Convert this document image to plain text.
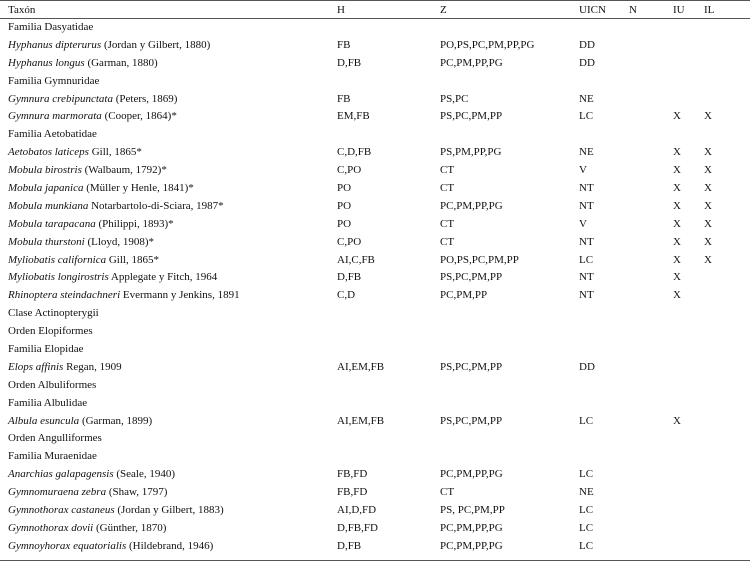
Taxón	H	Z	UICN	N	IU	IL
Familia Dasyatidae						
Hyphanus dipterurus (Jordan y Gilbert, 1880)	FB	PO,PS,PC,PM,PP,PG	DD			
Hyphanus longus (Garman, 1880)	D,FB	PC,PM,PP,PG	DD			
Familia Gymnuridae						
Gymnura crebipunctata (Peters, 1869)	FB	PS,PC	NE			
Gymnura marmorata (Cooper, 1864)*	EM,FB	PS,PC,PM,PP	LC		X	X
Familia Aetobatidae						
Aetobatos laticeps Gill, 1865*	C,D,FB	PS,PM,PP,PG	NE		X	X
Mobula birostris (Walbaum, 1792)*	C,PO	CT	V		X	X
Mobula japanica (Müller y Henle, 1841)*	PO	CT	NT		X	X
Mobula munkiana Notarbartolo-di-Sciara, 1987*	PO	PC,PM,PP,PG	NT		X	X
Mobula tarapacana (Philippi, 1893)*	PO	CT	V		X	X
Mobula thurstoni (Lloyd, 1908)*	C,PO	CT	NT		X	X
Myliobatis californica Gill, 1865*	AI,C,FB	PO,PS,PC,PM,PP	LC		X	X
Myliobatis longirostris Applegate y Fitch, 1964	D,FB	PS,PC,PM,PP	NT		X	
Rhinoptera steindachneri Evermann y Jenkins, 1891	C,D	PC,PM,PP	NT		X	
Clase Actinopterygii						
Orden Elopiformes						
Familia Elopidae						
Elops affinis Regan, 1909	AI,EM,FB	PS,PC,PM,PP	DD			
Orden Albuliformes						
Familia Albulidae						
Albula esuncula (Garman, 1899)	AI,EM,FB	PS,PC,PM,PP	LC		X	
Orden Angulliformes						
Familia Muraenidae						
Anarchias galapagensis (Seale, 1940)	FB,FD	PC,PM,PP,PG	LC			
Gymnomuraena zebra (Shaw, 1797)	FB,FD	CT	NE			
Gymnothorax castaneus (Jordan y Gilbert, 1883)	AI,D,FD	PS, PC,PM,PP	LC			
Gymnothorax dovii (Günther, 1870)	D,FB,FD	PC,PM,PP,PG	LC			
Gymnoyhorax equatorialis (Hildebrand, 1946)	D,FB	PC,PM,PP,PG	LC			
